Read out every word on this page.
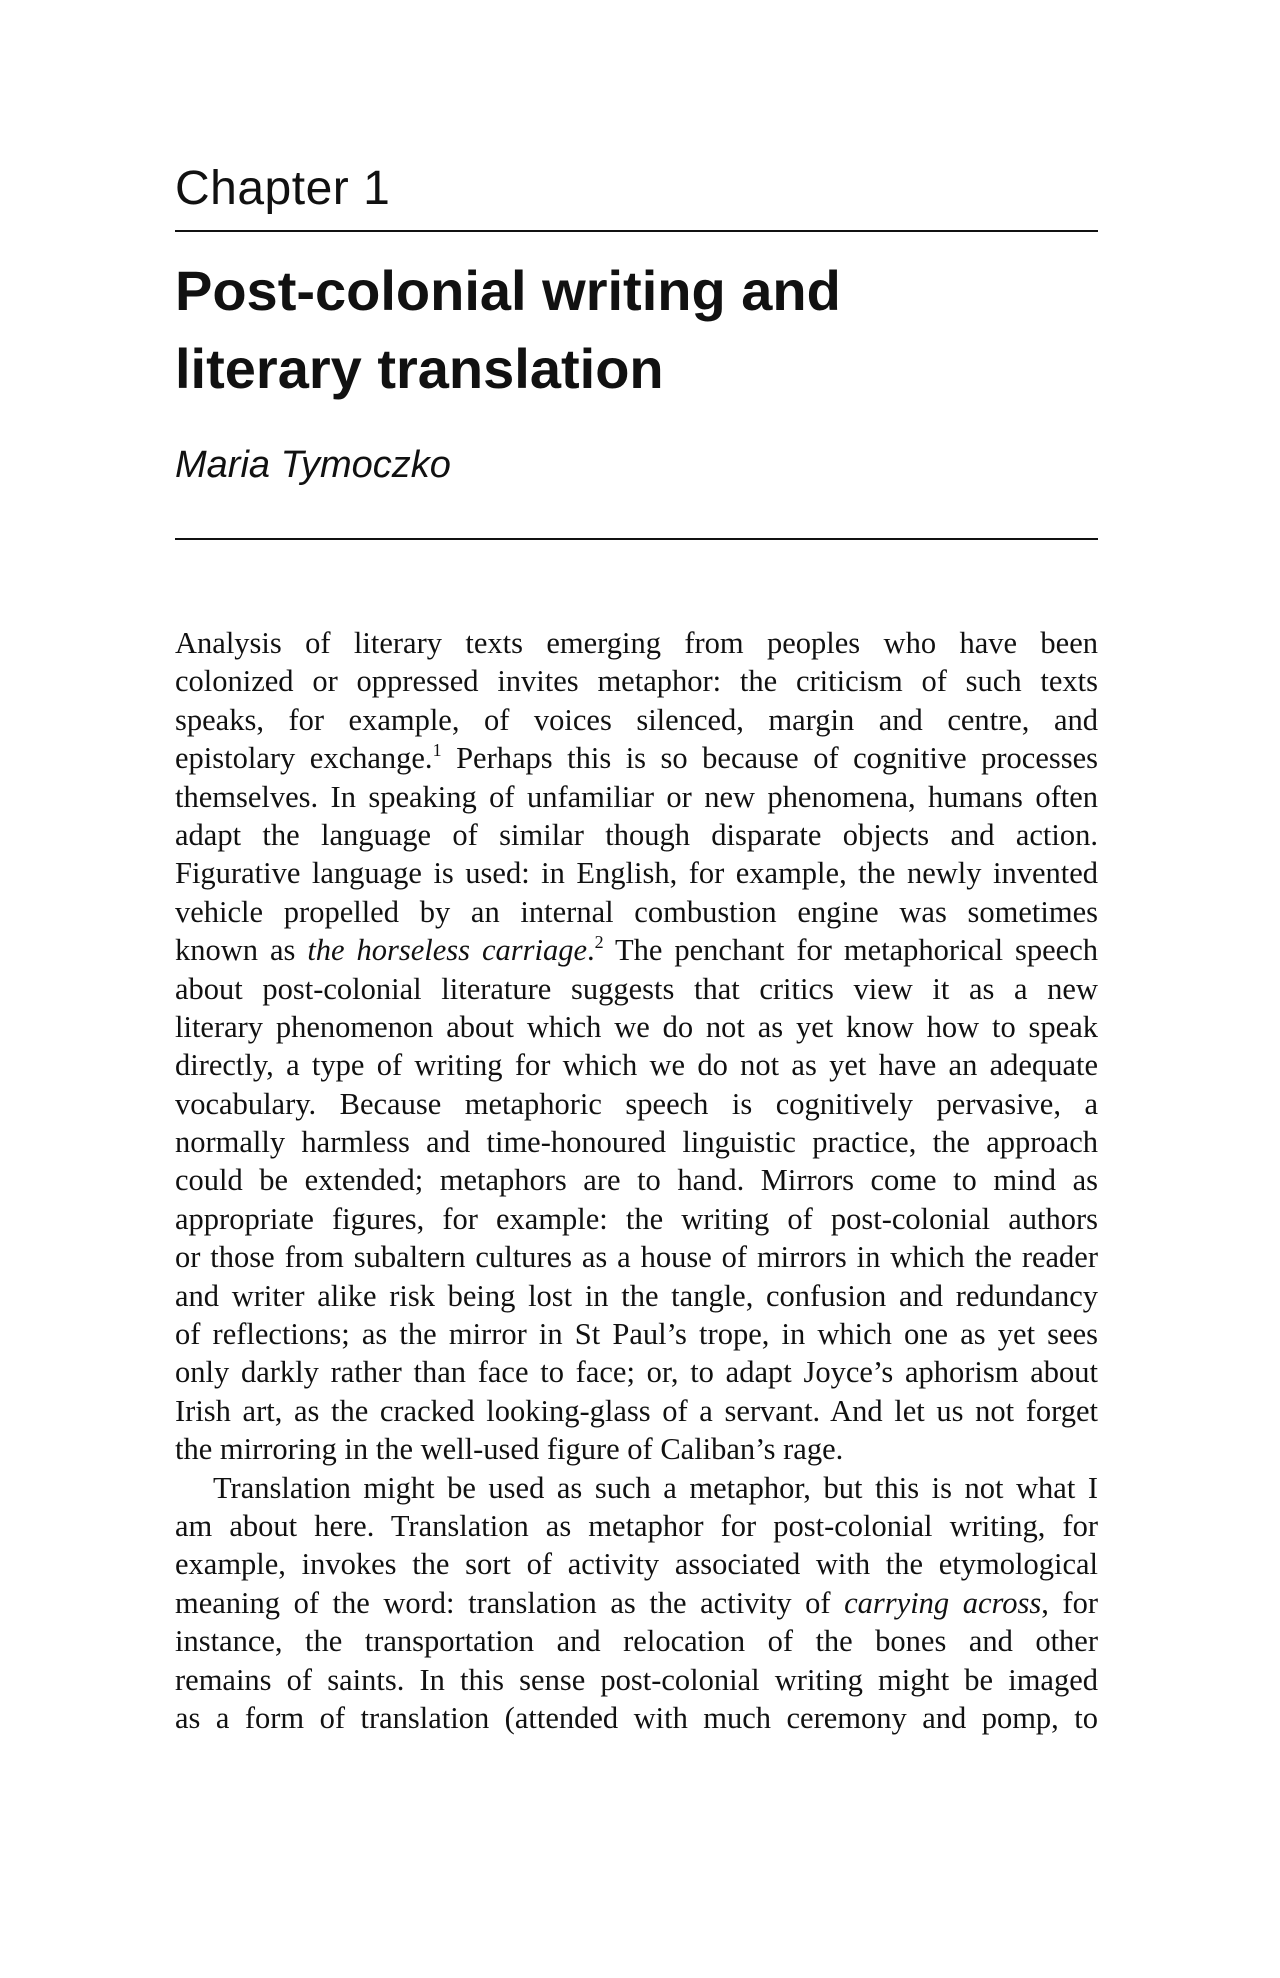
Chapter 1
Post-colonial writing and
literary translation

Maria Tymoczko

Analysis of literary texts emerging from peoples who have been
colonized or oppressed invites metaphor: the criticism of such texts
speaks, for example, of voices silenced, margin and centre, and
epistolary exchange.$^1$ Perhaps this is so because of cognitive processes
themselves. In speaking of unfamiliar or new phenomena, humans often
adapt the language of similar though disparate objects and action.
Figurative language is used: in English, for example, the newly invented
vehicle propelled by an internal combustion engine was sometimes
known as the horseless carriage.$^2$ The penchant for metaphorical speech
about post-colonial literature suggests that critics view it as a new
literary phenomenon about which we do not as yet know how to speak
directly, a type of writing for which we do not as yet have an adequate
vocabulary. Because metaphoric speech is cognitively pervasive, a
normally harmless and time-honoured linguistic practice, the approach
could be extended; metaphors are to hand. Mirrors come to mind as
appropriate figures, for example: the writing of post-colonial authors
or those from subaltern cultures as a house of mirrors in which the reader
and writer alike risk being lost in the tangle, confusion and redundancy
of reflections; as the mirror in St Paul’s trope, in which one as yet sees
only darkly rather than face to face; or, to adapt Joyce’s aphorism about
Irish art, as the cracked looking-glass of a servant. And let us not forget
the mirroring in the well-used figure of Caliban’s rage.
Translation might be used as such a metaphor, but this is not what I
am about here. Translation as metaphor for post-colonial writing, for
example, invokes the sort of activity associated with the etymological
meaning of the word: translation as the activity of carrying across, for
instance, the transportation and relocation of the bones and other
remains of saints. In this sense post-colonial writing might be imaged
as a form of translation (attended with much ceremony and pomp, to
